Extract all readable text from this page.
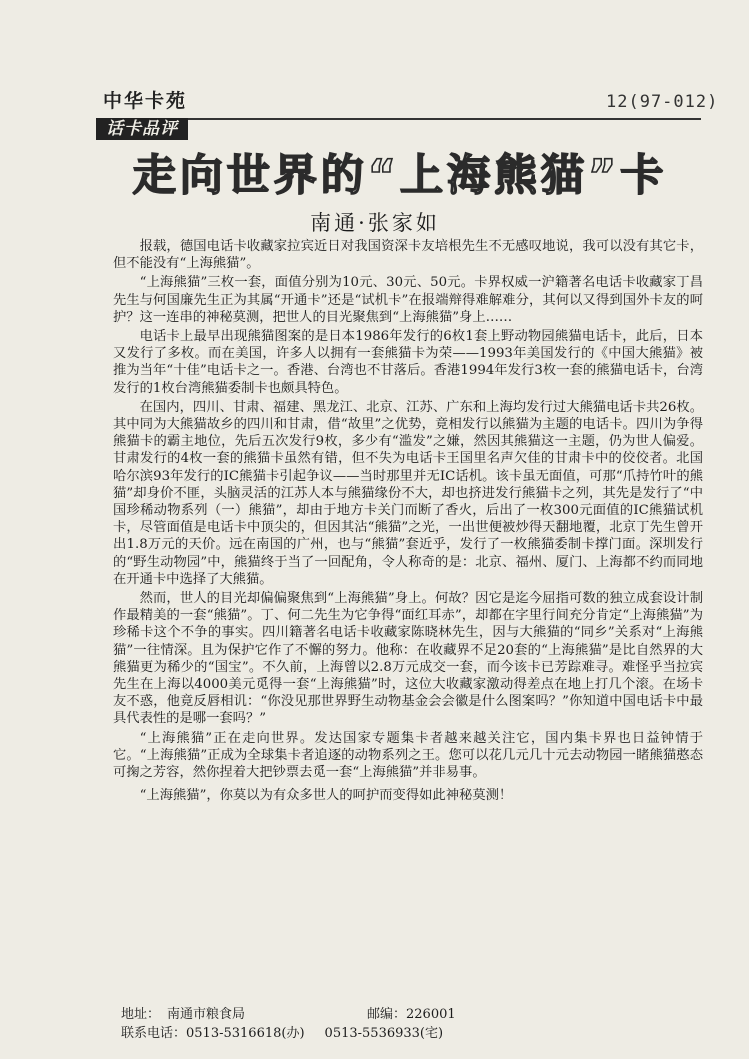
中华卡苑	12(97-012)
话卡品评
走向世界的“上海熊猫”卡
南通·张家如

报载，德国电话卡收藏家拉宾近日对我国资深卡友培根先生不无感叹地说，我可以没有其它卡，但不能没有“上海熊猫”。

“上海熊猫”三枚一套，面值分别为10元、30元、50元。卡界权威一沪籍著名电话卡收藏家丁昌先生与何国廉先生正为其属“开通卡”还是“试机卡”在报端辩得难解难分，其何以又得到国外卡友的呵护？这一连串的神秘莫测，把世人的目光聚焦到“上海熊猫”身上……

电话卡上最早出现熊猫图案的是日本1986年发行的6枚1套上野动物园熊猫电话卡，此后，日本又发行了多枚。而在美国，许多人以拥有一套熊猫卡为荣——1993年美国发行的《中国大熊猫》被推为当年“十佳”电话卡之一。香港、台湾也不甘落后。香港1994年发行3枚一套的熊猫电话卡，台湾发行的1枚台湾熊猫委制卡也颇具特色。

在国内，四川、甘肃、福建、黑龙江、北京、江苏、广东和上海均发行过大熊猫电话卡共26枚。其中同为大熊猫故乡的四川和甘肃，借“故里”之优势，竟相发行以熊猫为主题的电话卡。四川为争得熊猫卡的霸主地位，先后五次发行9枚，多少有“滥发”之嫌，然因其熊猫这一主题，仍为世人偏爱。甘肃发行的4枚一套的熊猫卡虽然有错，但不失为电话卡王国里名声欠佳的甘肃卡中的佼佼者。北国哈尔滨93年发行的IC熊猫卡引起争议——当时那里并无IC话机。该卡虽无面值，可那“爪持竹叶的熊猫”却身价不匪，头脑灵活的江苏人本与熊猫缘份不大，却也挤进发行熊猫卡之列，其先是发行了“中国珍稀动物系列（一）熊猫”，却由于地方卡关门而断了香火，后出了一枚300元面值的IC熊猫试机卡，尽管面值是电话卡中顶尖的，但因其沾“熊猫”之光，一出世便被炒得天翻地覆，北京丁先生曾开出1.8万元的天价。远在南国的广州，也与“熊猫”套近乎，发行了一枚熊猫委制卡撑门面。深圳发行的“野生动物园”中，熊猫终于当了一回配角，令人称奇的是：北京、福州、厦门、上海都不约而同地在开通卡中选择了大熊猫。

然而，世人的目光却偏偏聚焦到“上海熊猫”身上。何故？因它是迄今屈指可数的独立成套设计制作最精美的一套“熊猫”。丁、何二先生为它争得“面红耳赤”，却都在字里行间充分肯定“上海熊猫”为珍稀卡这个不争的事实。四川籍著名电话卡收藏家陈晓林先生，因与大熊猫的“同乡”关系对“上海熊猫”一往情深。且为保护它作了不懈的努力。他称：在收藏界不足20套的“上海熊猫”是比自然界的大熊猫更为稀少的“国宝”。不久前，上海曾以2.8万元成交一套，而今该卡已芳踪难寻。难怪乎当拉宾先生在上海以4000美元觅得一套“上海熊猫”时，这位大收藏家激动得差点在地上打几个滚。在场卡友不惑，他竟反唇相讥：“你没见那世界野生动物基金会会徽是什么图案吗？”你知道中国电话卡中最具代表性的是哪一套吗？”

“上海熊猫”正在走向世界。发达国家专题集卡者越来越关注它，国内集卡界也日益钟情于它。“上海熊猫”正成为全球集卡者追逐的动物系列之王。您可以花几元几十元去动物园一睹熊猫憨态可掬之芳容，然你捏着大把钞票去觅一套“上海熊猫”并非易事。

“上海熊猫”，你莫以为有众多世人的呵护而变得如此神秘莫测！

地址： 南通市粮食局	邮编：226001
联系电话：0513-5316618(办) 0513-5536933(宅)
